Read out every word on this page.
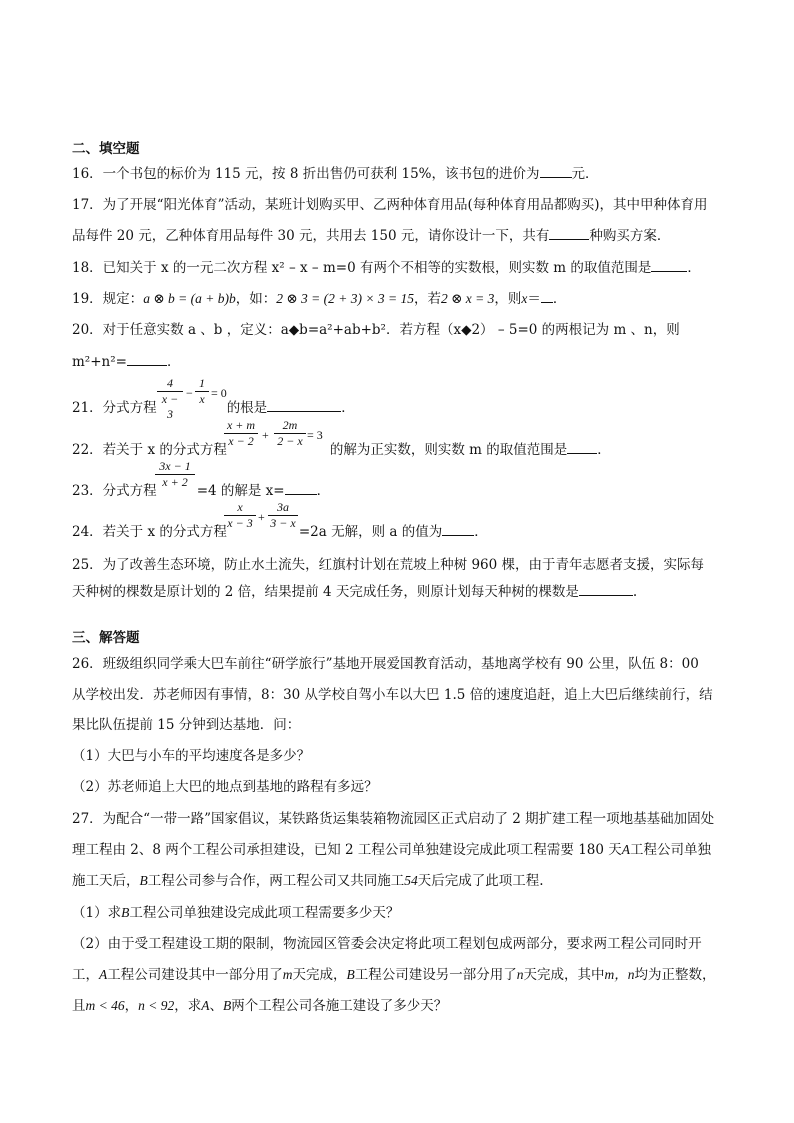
二、填空题
16．一个书包的标价为 115 元，按 8 折出售仍可获利 15%，该书包的进价为 元．
17．为了开展“阳光体育”活动，某班计划购买甲、乙两种体育用品(每种体育用品都购买)，其中甲种体育用
品每件 20 元，乙种体育用品每件 30 元，共用去 150 元，请你设计一下，共有	种购买方案．
18．已知关于 x 的一元二次方程 x² – x – m=0 有两个不相等的实数根，则实数 m 的取值范围是	．
19．规定：a ⊗ b = (a + b)b，如：2 ⊗ 3 = (2 + 3) × 3 = 15，若2 ⊗ x = 3，则x＝ ．
20．对于任意实数 a 、b ，定义：a◆b=a²+ab+b²．若方程（x◆2） – 5=0 的两根记为 m 、n，则
m²+n²=	．
21．分式方程	的根是	．
4
x − 3
−
1
x = 0
22．若关于 x 的分式方程	的解为正实数，则实数 m 的取值范围是 ．
x + m
x − 2 +
2m
2 − x = 3
23．分式方程	=4 的解是 x= ．
3x − 1
x + 2
24．若关于 x 的分式方程	=2a 无解，则 a 的值为 ．
x
x − 3 +
3a
3 − x
25．为了改善生态环境，防止水土流失，红旗村计划在荒坡上种树 960 棵，由于青年志愿者支援，实际每
天种树的棵数是原计划的 2 倍，结果提前 4 天完成任务，则原计划每天种树的棵数是	.
三、解答题
26．班级组织同学乘大巴车前往“研学旅行”基地开展爱国教育活动，基地离学校有 90 公里，队伍 8：00
从学校出发．苏老师因有事情，8：30 从学校自驾小车以大巴 1.5 倍的速度追赶，追上大巴后继续前行，结
果比队伍提前 15 分钟到达基地．问：
（1）大巴与小车的平均速度各是多少？
（2）苏老师追上大巴的地点到基地的路程有多远？
27．为配合“一带一路”国家倡议，某铁路货运集装箱物流园区正式启动了 2 期扩建工程一项地基基础加固处
理工程由 2、8 两个工程公司承担建设，已知 2 工程公司单独建设完成此项工程需要 180 天A工程公司单独
施工天后，B工程公司参与合作，两工程公司又共同施工54天后完成了此项工程.
（1）求B工程公司单独建设完成此项工程需要多少天？
（2）由于受工程建设工期的限制，物流园区管委会决定将此项工程划包成两部分，要求两工程公司同时开
工，A工程公司建设其中一部分用了m天完成，B工程公司建设另一部分用了n天完成，其中m，n均为正整数，
且m < 46，n < 92，求A、B两个工程公司各施工建设了多少天？
